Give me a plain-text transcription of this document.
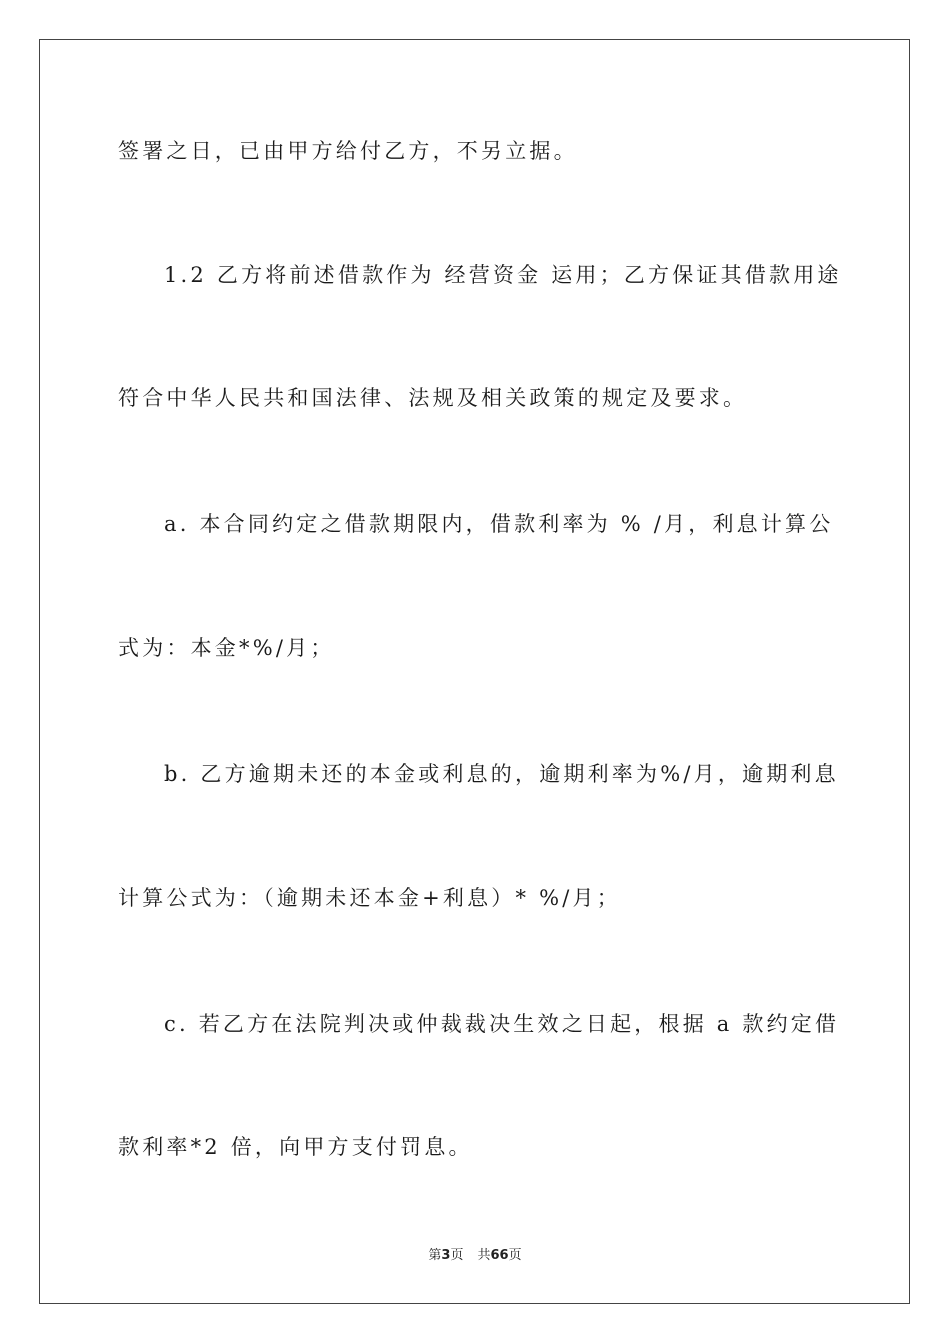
签署之日，已由甲方给付乙方，不另立据。
1.2 乙方将前述借款作为 经营资金 运用；乙方保证其借款用途
符合中华人民共和国法律、法规及相关政策的规定及要求。
a. 本合同约定之借款期限内，借款利率为 % /月，利息计算公
式为：本金*%/月；
b. 乙方逾期未还的本金或利息的，逾期利率为%/月，逾期利息
计算公式为：（逾期未还本金+利息）* %/月；
c. 若乙方在法院判决或仲裁裁决生效之日起，根据 a 款约定借
款利率*2 倍，向甲方支付罚息。
第3页 共66页
